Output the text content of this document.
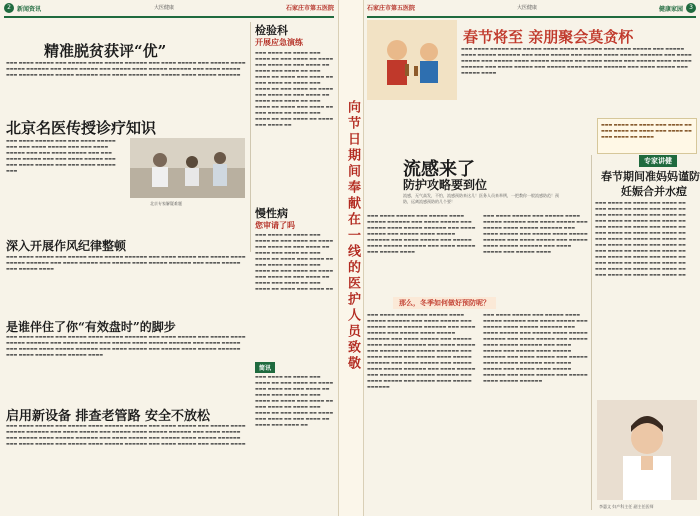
2	新闻资讯	大医健康	石家庄市第五医院
精准脱贫获评“优”
▬▬▬ ▬▬▬▬ ▬▬▬▬▬ ▬▬▬ ▬▬▬▬▬ ▬▬▬▬ ▬▬▬▬▬ ▬▬▬▬▬▬ ▬▬▬ ▬▬▬▬ ▬▬▬▬▬ ▬▬▬ ▬▬▬▬▬ ▬▬▬▬ ▬▬▬▬▬ ▬▬▬▬▬▬ ▬▬▬ ▬▬▬▬ ▬▬▬▬▬ ▬▬▬ ▬▬▬▬▬ ▬▬▬▬ ▬▬▬▬▬ ▬▬▬▬▬▬ ▬▬▬ ▬▬▬▬ ▬▬▬▬▬ ▬▬▬ ▬▬▬▬▬ ▬▬▬▬ ▬▬▬▬▬ ▬▬▬▬▬▬ ▬▬▬ ▬▬▬▬ ▬▬▬▬▬ ▬▬▬ ▬▬▬▬▬ ▬▬▬▬ ▬▬▬▬▬ ▬▬▬▬▬▬
检验科
开展应急演练
▬▬▬ ▬▬▬▬ ▬▬ ▬▬▬▬ ▬▬▬ ▬▬▬▬ ▬▬ ▬▬▬ ▬▬▬▬ ▬▬ ▬▬▬▬ ▬▬▬ ▬▬▬▬ ▬▬ ▬▬▬ ▬▬▬▬ ▬▬ ▬▬▬▬ ▬▬▬ ▬▬▬▬ ▬▬ ▬▬▬ ▬▬▬▬ ▬▬ ▬▬▬▬ ▬▬▬ ▬▬▬▬ ▬▬ ▬▬▬ ▬▬▬▬ ▬▬ ▬▬▬▬ ▬▬▬ ▬▬▬▬ ▬▬ ▬▬▬ ▬▬▬▬ ▬▬ ▬▬▬▬ ▬▬▬ ▬▬▬▬ ▬▬ ▬▬▬ ▬▬▬▬ ▬▬ ▬▬▬▬ ▬▬▬ ▬▬▬▬ ▬▬ ▬▬▬ ▬▬▬▬ ▬▬ ▬▬▬▬ ▬▬▬ ▬▬▬▬ ▬▬ ▬▬▬ ▬▬▬▬ ▬▬ ▬▬▬▬ ▬▬▬ ▬▬▬▬ ▬▬ ▬▬▬ ▬▬▬▬ ▬▬ ▬▬▬▬ ▬▬▬ ▬▬▬▬ ▬▬
北京名医传授诊疗知识
▬▬▬ ▬▬▬▬ ▬▬▬▬▬ ▬▬▬ ▬▬▬ ▬▬▬▬ ▬▬▬▬▬ ▬▬▬ ▬▬▬ ▬▬▬▬ ▬▬▬▬▬ ▬▬▬ ▬▬▬ ▬▬▬▬ ▬▬▬▬▬ ▬▬▬ ▬▬▬ ▬▬▬▬ ▬▬▬▬▬ ▬▬▬ ▬▬▬ ▬▬▬▬ ▬▬▬▬▬ ▬▬▬ ▬▬▬ ▬▬▬▬ ▬▬▬▬▬ ▬▬▬ ▬▬▬ ▬▬▬▬ ▬▬▬▬▬ ▬▬▬ ▬▬▬ ▬▬▬▬ ▬▬▬▬▬ ▬▬▬
北京专家解疑难题
慢性病
您审请了吗
▬▬▬ ▬▬▬▬ ▬▬ ▬▬▬▬ ▬▬▬ ▬▬▬▬ ▬▬ ▬▬▬ ▬▬▬▬ ▬▬ ▬▬▬▬ ▬▬▬ ▬▬▬▬ ▬▬ ▬▬▬ ▬▬▬▬ ▬▬ ▬▬▬▬ ▬▬▬ ▬▬▬▬ ▬▬ ▬▬▬ ▬▬▬▬ ▬▬ ▬▬▬▬ ▬▬▬ ▬▬▬▬ ▬▬ ▬▬▬ ▬▬▬▬ ▬▬ ▬▬▬▬ ▬▬▬ ▬▬▬▬ ▬▬ ▬▬▬ ▬▬▬▬ ▬▬ ▬▬▬▬ ▬▬▬ ▬▬▬▬ ▬▬ ▬▬▬ ▬▬▬▬ ▬▬ ▬▬▬▬ ▬▬▬ ▬▬▬▬ ▬▬ ▬▬▬ ▬▬▬▬ ▬▬ ▬▬▬▬ ▬▬▬ ▬▬▬▬ ▬▬
深入开展作风纪律整顿
▬▬▬ ▬▬▬▬ ▬▬▬▬▬ ▬▬▬ ▬▬▬▬▬ ▬▬▬▬ ▬▬▬▬▬ ▬▬▬▬▬▬ ▬▬▬ ▬▬▬▬ ▬▬▬▬▬ ▬▬▬ ▬▬▬▬▬ ▬▬▬▬ ▬▬▬▬▬ ▬▬▬▬▬▬ ▬▬▬ ▬▬▬▬ ▬▬▬▬▬ ▬▬▬ ▬▬▬▬▬ ▬▬▬▬ ▬▬▬▬▬ ▬▬▬▬▬▬ ▬▬▬ ▬▬▬▬ ▬▬▬▬▬ ▬▬▬ ▬▬▬▬▬ ▬▬▬▬
是谁伴住了你“有效盘时”的脚步
▬▬▬ ▬▬▬▬ ▬▬▬▬▬ ▬▬▬ ▬▬▬▬▬ ▬▬▬▬ ▬▬▬▬▬ ▬▬▬▬▬▬ ▬▬▬ ▬▬▬▬ ▬▬▬▬▬ ▬▬▬ ▬▬▬▬▬ ▬▬▬▬ ▬▬▬▬▬ ▬▬▬▬▬▬ ▬▬▬ ▬▬▬▬ ▬▬▬▬▬ ▬▬▬ ▬▬▬▬▬ ▬▬▬▬ ▬▬▬▬▬ ▬▬▬▬▬▬ ▬▬▬ ▬▬▬▬ ▬▬▬▬▬ ▬▬▬ ▬▬▬▬▬ ▬▬▬▬ ▬▬▬▬▬ ▬▬▬▬▬▬ ▬▬▬ ▬▬▬▬ ▬▬▬▬▬ ▬▬▬ ▬▬▬▬▬ ▬▬▬▬ ▬▬▬▬▬ ▬▬▬▬▬▬ ▬▬▬ ▬▬▬▬ ▬▬▬▬▬ ▬▬▬ ▬▬▬▬▬ ▬▬▬▬
简讯
▬▬▬ ▬▬▬▬ ▬▬ ▬▬▬▬ ▬▬▬ ▬▬▬▬ ▬▬ ▬▬▬ ▬▬▬▬ ▬▬ ▬▬▬▬ ▬▬▬ ▬▬▬▬ ▬▬ ▬▬▬ ▬▬▬▬ ▬▬ ▬▬▬▬ ▬▬▬ ▬▬▬▬ ▬▬ ▬▬▬ ▬▬▬▬ ▬▬ ▬▬▬▬ ▬▬▬ ▬▬▬▬ ▬▬ ▬▬▬ ▬▬▬▬ ▬▬ ▬▬▬▬ ▬▬▬ ▬▬▬▬ ▬▬ ▬▬▬ ▬▬▬▬ ▬▬ ▬▬▬▬ ▬▬▬ ▬▬▬▬ ▬▬ ▬▬▬ ▬▬▬▬ ▬▬ ▬▬▬▬ ▬▬▬ ▬▬▬▬ ▬▬
启用新设备 排查老管路 安全不放松
▬▬▬ ▬▬▬▬ ▬▬▬▬▬ ▬▬▬ ▬▬▬▬▬ ▬▬▬▬ ▬▬▬▬▬ ▬▬▬▬▬▬ ▬▬▬ ▬▬▬▬ ▬▬▬▬▬ ▬▬▬ ▬▬▬▬▬ ▬▬▬▬ ▬▬▬▬▬ ▬▬▬▬▬▬ ▬▬▬ ▬▬▬▬ ▬▬▬▬▬ ▬▬▬ ▬▬▬▬▬ ▬▬▬▬ ▬▬▬▬▬ ▬▬▬▬▬▬ ▬▬▬ ▬▬▬▬ ▬▬▬▬▬ ▬▬▬ ▬▬▬▬▬ ▬▬▬▬ ▬▬▬▬▬ ▬▬▬▬▬▬ ▬▬▬ ▬▬▬▬ ▬▬▬▬▬ ▬▬▬ ▬▬▬▬▬ ▬▬▬▬ ▬▬▬▬▬ ▬▬▬▬▬▬ ▬▬▬ ▬▬▬▬ ▬▬▬▬▬ ▬▬▬ ▬▬▬▬▬ ▬▬▬▬ ▬▬▬▬▬ ▬▬▬▬▬▬ ▬▬▬ ▬▬▬▬ ▬▬▬▬▬ ▬▬▬ ▬▬▬▬▬ ▬▬▬▬
向节日期间奉献在一线的医护人员致敬
石家庄市第五医院	大医健康	健康家园	3
春节将至 亲朋聚会莫贪杯
▬▬▬ ▬▬▬▬ ▬▬▬▬▬ ▬▬▬ ▬▬▬▬▬ ▬▬▬▬ ▬▬▬▬▬ ▬▬▬▬▬▬ ▬▬▬ ▬▬▬▬ ▬▬▬▬▬ ▬▬▬ ▬▬▬▬▬ ▬▬▬▬ ▬▬▬▬▬ ▬▬▬▬▬▬ ▬▬▬ ▬▬▬▬ ▬▬▬▬▬ ▬▬▬ ▬▬▬▬▬ ▬▬▬▬ ▬▬▬▬▬ ▬▬▬▬▬▬ ▬▬▬ ▬▬▬▬ ▬▬▬▬▬ ▬▬▬ ▬▬▬▬▬ ▬▬▬▬ ▬▬▬▬▬ ▬▬▬▬▬▬ ▬▬▬ ▬▬▬▬ ▬▬▬▬▬ ▬▬▬ ▬▬▬▬▬ ▬▬▬▬ ▬▬▬▬▬ ▬▬▬▬▬▬ ▬▬▬ ▬▬▬▬ ▬▬▬▬▬ ▬▬▬ ▬▬▬▬▬ ▬▬▬▬ ▬▬▬▬▬ ▬▬▬▬▬▬ ▬▬▬ ▬▬▬▬ ▬▬▬▬▬ ▬▬▬ ▬▬▬▬▬ ▬▬▬▬
▬▬▬ ▬▬▬▬ ▬▬ ▬▬▬▬ ▬▬▬ ▬▬▬▬ ▬▬ ▬▬▬ ▬▬▬▬ ▬▬ ▬▬▬▬ ▬▬▬ ▬▬▬▬ ▬▬ ▬▬▬ ▬▬▬▬ ▬▬ ▬▬▬▬
流感来了
防护攻略要到位
流感，无气高发，不怕，流感预防来这儿！医务人员来举例，一把教你一般流感防范！预防，远离流感预防的几个要！
▬▬▬ ▬▬▬▬ ▬▬▬▬▬ ▬▬▬ ▬▬▬▬▬ ▬▬▬▬ ▬▬▬▬▬ ▬▬▬▬▬▬ ▬▬▬ ▬▬▬▬ ▬▬▬▬▬ ▬▬▬ ▬▬▬▬▬ ▬▬▬▬ ▬▬▬▬▬ ▬▬▬▬▬▬ ▬▬▬ ▬▬▬▬ ▬▬▬▬▬ ▬▬▬ ▬▬▬▬▬ ▬▬▬▬ ▬▬▬▬▬ ▬▬▬▬▬▬ ▬▬▬ ▬▬▬▬ ▬▬▬▬▬ ▬▬▬ ▬▬▬▬▬ ▬▬▬▬ ▬▬▬▬▬ ▬▬▬▬▬▬ ▬▬▬ ▬▬▬▬ ▬▬▬▬▬ ▬▬▬ ▬▬▬▬▬ ▬▬▬▬
▬▬▬ ▬▬▬▬ ▬▬▬▬▬ ▬▬▬ ▬▬▬▬▬ ▬▬▬▬ ▬▬▬▬▬ ▬▬▬▬▬▬ ▬▬▬ ▬▬▬▬ ▬▬▬▬▬ ▬▬▬ ▬▬▬▬▬ ▬▬▬▬ ▬▬▬▬▬ ▬▬▬▬▬▬ ▬▬▬ ▬▬▬▬ ▬▬▬▬▬ ▬▬▬ ▬▬▬▬▬ ▬▬▬▬ ▬▬▬▬▬ ▬▬▬▬▬▬ ▬▬▬ ▬▬▬▬ ▬▬▬▬▬ ▬▬▬ ▬▬▬▬▬ ▬▬▬▬ ▬▬▬▬▬ ▬▬▬▬▬▬ ▬▬▬ ▬▬▬▬ ▬▬▬▬▬ ▬▬▬ ▬▬▬▬▬ ▬▬▬▬
那么，冬季如何做好预防呢？
▬▬▬ ▬▬▬▬ ▬▬▬▬▬ ▬▬▬ ▬▬▬▬▬ ▬▬▬▬ ▬▬▬▬▬ ▬▬▬▬▬▬ ▬▬▬ ▬▬▬▬ ▬▬▬▬▬ ▬▬▬ ▬▬▬▬▬ ▬▬▬▬ ▬▬▬▬▬ ▬▬▬▬▬▬ ▬▬▬ ▬▬▬▬ ▬▬▬▬▬ ▬▬▬ ▬▬▬▬▬ ▬▬▬▬ ▬▬▬▬▬ ▬▬▬▬▬▬ ▬▬▬ ▬▬▬▬ ▬▬▬▬▬ ▬▬▬ ▬▬▬▬▬ ▬▬▬▬ ▬▬▬▬▬ ▬▬▬▬▬▬ ▬▬▬ ▬▬▬▬ ▬▬▬▬▬ ▬▬▬ ▬▬▬▬▬ ▬▬▬▬ ▬▬▬▬▬ ▬▬▬▬▬▬ ▬▬▬ ▬▬▬▬ ▬▬▬▬▬ ▬▬▬ ▬▬▬▬▬ ▬▬▬▬ ▬▬▬▬▬ ▬▬▬▬▬▬ ▬▬▬ ▬▬▬▬ ▬▬▬▬▬ ▬▬▬ ▬▬▬▬▬ ▬▬▬▬ ▬▬▬▬▬ ▬▬▬▬▬▬ ▬▬▬ ▬▬▬▬ ▬▬▬▬▬ ▬▬▬ ▬▬▬▬▬ ▬▬▬▬ ▬▬▬▬▬ ▬▬▬▬▬▬ ▬▬▬ ▬▬▬▬ ▬▬▬▬▬ ▬▬▬ ▬▬▬▬▬ ▬▬▬▬ ▬▬▬▬▬ ▬▬▬▬▬▬
▬▬▬ ▬▬▬▬ ▬▬▬▬▬ ▬▬▬ ▬▬▬▬▬ ▬▬▬▬ ▬▬▬▬▬ ▬▬▬▬▬▬ ▬▬▬ ▬▬▬▬ ▬▬▬▬▬ ▬▬▬ ▬▬▬▬▬ ▬▬▬▬ ▬▬▬▬▬ ▬▬▬▬▬▬ ▬▬▬ ▬▬▬▬ ▬▬▬▬▬ ▬▬▬ ▬▬▬▬▬ ▬▬▬▬ ▬▬▬▬▬ ▬▬▬▬▬▬ ▬▬▬ ▬▬▬▬ ▬▬▬▬▬ ▬▬▬ ▬▬▬▬▬ ▬▬▬▬ ▬▬▬▬▬ ▬▬▬▬▬▬ ▬▬▬ ▬▬▬▬ ▬▬▬▬▬ ▬▬▬ ▬▬▬▬▬ ▬▬▬▬ ▬▬▬▬▬ ▬▬▬▬▬▬ ▬▬▬ ▬▬▬▬ ▬▬▬▬▬ ▬▬▬ ▬▬▬▬▬ ▬▬▬▬ ▬▬▬▬▬ ▬▬▬▬▬▬ ▬▬▬ ▬▬▬▬ ▬▬▬▬▬ ▬▬▬ ▬▬▬▬▬ ▬▬▬▬ ▬▬▬▬▬ ▬▬▬▬▬▬ ▬▬▬ ▬▬▬▬ ▬▬▬▬▬ ▬▬▬ ▬▬▬▬▬ ▬▬▬▬ ▬▬▬▬▬ ▬▬▬▬▬▬
专家讲健
春节期间准妈妈谨防
妊娠合并水痘
▬▬▬ ▬▬▬▬ ▬▬ ▬▬▬▬ ▬▬▬ ▬▬▬▬ ▬▬ ▬▬▬ ▬▬▬▬ ▬▬ ▬▬▬▬ ▬▬▬ ▬▬▬▬ ▬▬ ▬▬▬ ▬▬▬▬ ▬▬ ▬▬▬▬ ▬▬▬ ▬▬▬▬ ▬▬ ▬▬▬ ▬▬▬▬ ▬▬ ▬▬▬▬ ▬▬▬ ▬▬▬▬ ▬▬ ▬▬▬ ▬▬▬▬ ▬▬ ▬▬▬▬ ▬▬▬ ▬▬▬▬ ▬▬ ▬▬▬ ▬▬▬▬ ▬▬ ▬▬▬▬ ▬▬▬ ▬▬▬▬ ▬▬ ▬▬▬ ▬▬▬▬ ▬▬ ▬▬▬▬ ▬▬▬ ▬▬▬▬ ▬▬ ▬▬▬ ▬▬▬▬ ▬▬ ▬▬▬▬ ▬▬▬ ▬▬▬▬ ▬▬ ▬▬▬ ▬▬▬▬ ▬▬ ▬▬▬▬ ▬▬▬ ▬▬▬▬ ▬▬ ▬▬▬ ▬▬▬▬ ▬▬ ▬▬▬▬ ▬▬▬ ▬▬▬▬ ▬▬ ▬▬▬ ▬▬▬▬ ▬▬ ▬▬▬▬ ▬▬▬ ▬▬▬▬ ▬▬ ▬▬▬ ▬▬▬▬ ▬▬ ▬▬▬▬ ▬▬▬ ▬▬▬▬ ▬▬ ▬▬▬ ▬▬▬▬ ▬▬ ▬▬▬▬ ▬▬▬ ▬▬▬▬ ▬▬
李惠文 妇产科主任 副主任医师
